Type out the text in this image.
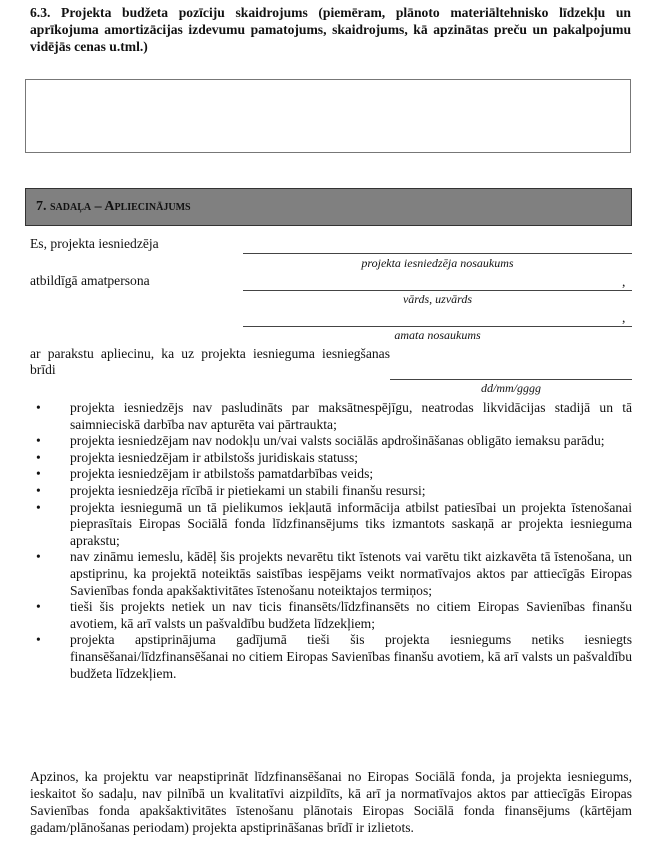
6.3. Projekta budžeta pozīciju skaidrojums (piemēram, plānoto materiāltehnisko līdzekļu un aprīkojuma amortizācijas izdevumu pamatojums, skaidrojums, kā apzinātas preču un pakalpojumu vidējās cenas u.tml.)
7. sadaļa – Apliecinājums
Es, projekta iesniedzēja
projekta iesniedzēja nosaukums
atbildīgā amatpersona	,
vārds, uzvārds
,
amata nosaukums
ar parakstu apliecinu, ka uz projekta iesnieguma iesniegšanas brīdi
dd/mm/gggg
• projekta iesniedzējs nav pasludināts par maksātnespējīgu, neatrodas likvidācijas stadijā un tā saimnieciskā darbība nav apturēta vai pārtraukta;
• projekta iesniedzējam nav nodokļu un/vai valsts sociālās apdrošināšanas obligāto iemaksu parādu;
• projekta iesniedzējam ir atbilstošs juridiskais statuss;
• projekta iesniedzējam ir atbilstošs pamatdarbības veids;
• projekta iesniedzēja rīcībā ir pietiekami un stabili finanšu resursi;
• projekta iesniegumā un tā pielikumos iekļautā informācija atbilst patiesībai un projekta īstenošanai pieprasītais Eiropas Sociālā fonda līdzfinansējums tiks izmantots saskaņā ar projekta iesnieguma aprakstu;
• nav zināmu iemeslu, kādēļ šis projekts nevarētu tikt īstenots vai varētu tikt aizkavēta tā īstenošana, un apstiprinu, ka projektā noteiktās saistības iespējams veikt normatīvajos aktos par attiecīgās Eiropas Savienības fonda apakšaktivitātes īstenošanu noteiktajos termiņos;
• tieši šis projekts netiek un nav ticis finansēts/līdzfinansēts no citiem Eiropas Savienības finanšu avotiem, kā arī valsts un pašvaldību budžeta līdzekļiem;
• projekta apstiprinājuma gadījumā tieši šis projekta iesniegums netiks iesniegts finansēšanai/līdzfinansēšanai no citiem Eiropas Savienības finanšu avotiem, kā arī valsts un pašvaldību budžeta līdzekļiem.
Apzinos, ka projektu var neapstiprināt līdzfinansēšanai no Eiropas Sociālā fonda, ja projekta iesniegums, ieskaitot šo sadaļu, nav pilnībā un kvalitatīvi aizpildīts, kā arī ja normatīvajos aktos par attiecīgās Eiropas Savienības fonda apakšaktivitātes īstenošanu plānotais Eiropas Sociālā fonda finansējums (kārtējam gadam/plānošanas periodam) projekta apstiprināšanas brīdī ir izlietots.
